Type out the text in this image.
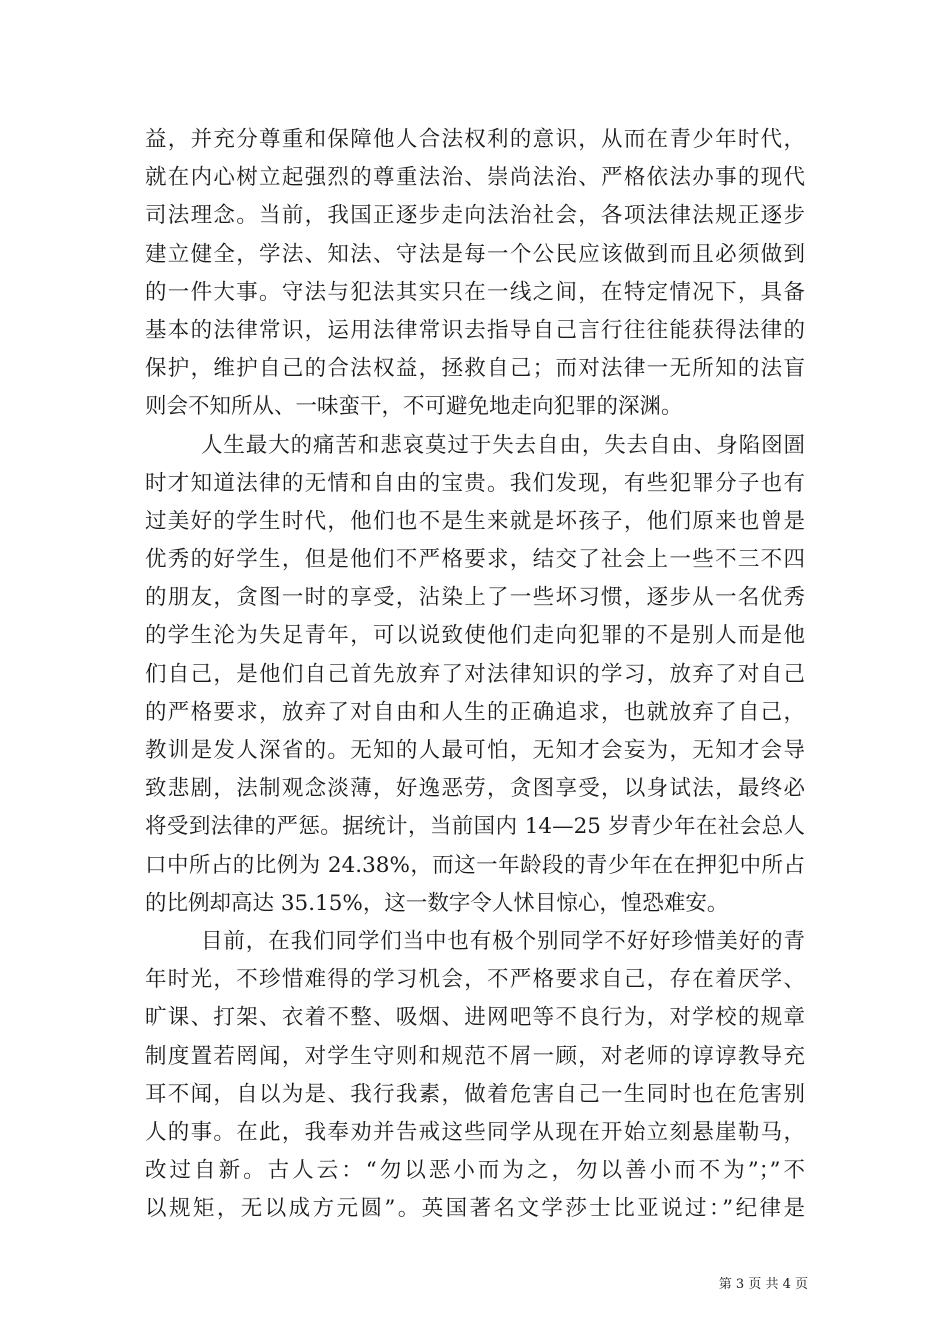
益，并充分尊重和保障他人合法权利的意识，从而在青少年时代，
就在内心树立起强烈的尊重法治、崇尚法治、严格依法办事的现代
司法理念。当前，我国正逐步走向法治社会，各项法律法规正逐步
建立健全，学法、知法、守法是每一个公民应该做到而且必须做到
的一件大事。守法与犯法其实只在一线之间，在特定情况下，具备
基本的法律常识，运用法律常识去指导自己言行往往能获得法律的
保护，维护自己的合法权益，拯救自己；而对法律一无所知的法盲
则会不知所从、一味蛮干，不可避免地走向犯罪的深渊。
人生最大的痛苦和悲哀莫过于失去自由，失去自由、身陷囹圄
时才知道法律的无情和自由的宝贵。我们发现，有些犯罪分子也有
过美好的学生时代，他们也不是生来就是坏孩子，他们原来也曾是
优秀的好学生，但是他们不严格要求，结交了社会上一些不三不四
的朋友，贪图一时的享受，沾染上了一些坏习惯，逐步从一名优秀
的学生沦为失足青年，可以说致使他们走向犯罪的不是别人而是他
们自己，是他们自己首先放弃了对法律知识的学习，放弃了对自己
的严格要求，放弃了对自由和人生的正确追求，也就放弃了自己，
教训是发人深省的。无知的人最可怕，无知才会妄为，无知才会导
致悲剧，法制观念淡薄，好逸恶劳，贪图享受，以身试法，最终必
将受到法律的严惩。据统计，当前国内 14—25 岁青少年在社会总人
口中所占的比例为 24.38%，而这一年龄段的青少年在在押犯中所占
的比例却高达 35.15%，这一数字令人怵目惊心，惶恐难安。
目前，在我们同学们当中也有极个别同学不好好珍惜美好的青
年时光，不珍惜难得的学习机会，不严格要求自己，存在着厌学、
旷课、打架、衣着不整、吸烟、进网吧等不良行为，对学校的规章
制度置若罔闻，对学生守则和规范不屑一顾，对老师的谆谆教导充
耳不闻，自以为是、我行我素，做着危害自己一生同时也在危害别
人的事。在此，我奉劝并告戒这些同学从现在开始立刻悬崖勒马，
改过自新。古人云：“勿以恶小而为之，勿以善小而不为”；”不
以规矩，无以成方元圆”。英国著名文学莎士比亚说过：”纪律是
第 3 页 共 4 页
